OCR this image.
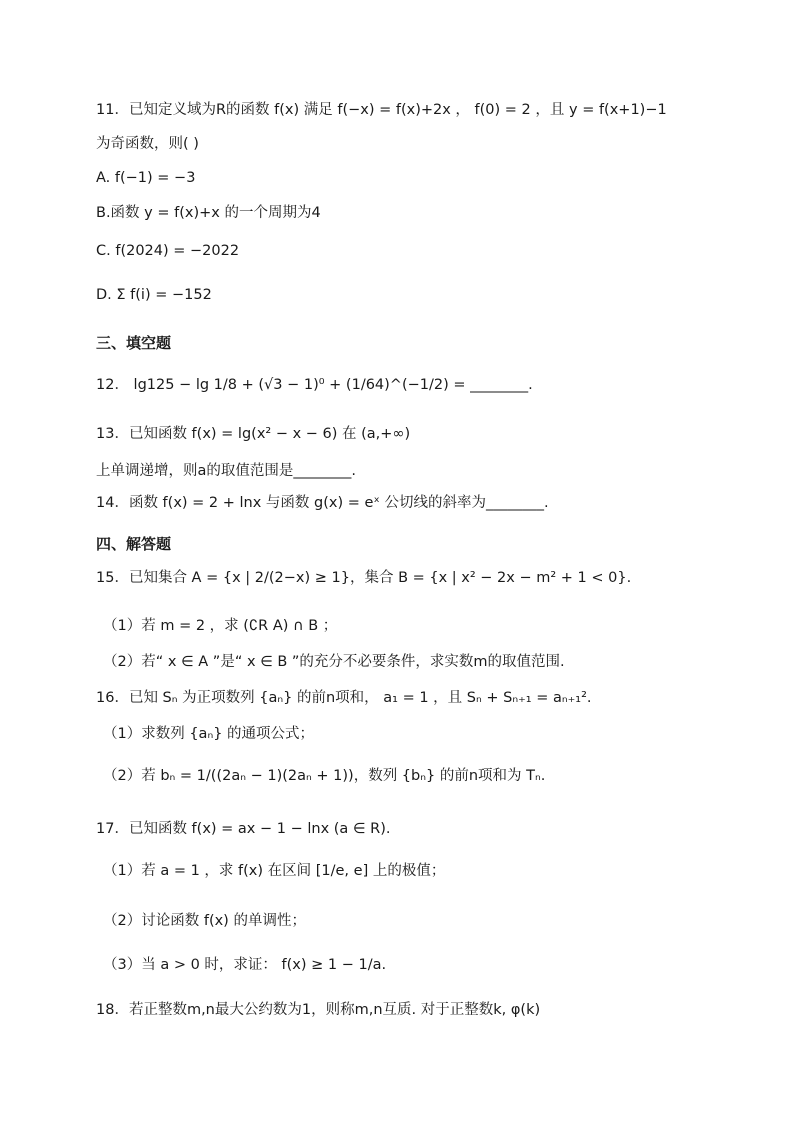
11．已知定义域为R的函数 f(x) 满足 f(−x) = f(x)+2x ， f(0) = 2 ，且 y = f(x+1)−1
为奇函数，则( )
A. f(−1) = −3
B.函数 y = f(x)+x 的一个周期为4
C. f(2024) = −2022
D. Σ f(i) = −152
三、填空题
12． lg125 − lg 1/8 + (√3 − 1)⁰ + (1/64)^(−1/2) = ________.
13．已知函数 f(x) = lg(x² − x − 6) 在 (a,+∞)
上单调递增，则a的取值范围是________.
14．函数 f(x) = 2 + lnx 与函数 g(x) = eˣ 公切线的斜率为________.
四、解答题
15．已知集合 A = {x | 2/(2−x) ≥ 1}，集合 B = {x | x² − 2x − m² + 1 < 0}.
（1）若 m = 2 ，求 (∁R A) ∩ B ；
（2）若“ x ∈ A ”是“ x ∈ B ”的充分不必要条件，求实数m的取值范围.
16．已知 Sₙ 为正项数列 {aₙ} 的前n项和， a₁ = 1 ，且 Sₙ + Sₙ₊₁ = aₙ₊₁².
（1）求数列 {aₙ} 的通项公式；
（2）若 bₙ = 1/((2aₙ − 1)(2aₙ + 1))，数列 {bₙ} 的前n项和为 Tₙ.
17．已知函数 f(x) = ax − 1 − lnx (a ∈ R).
（1）若 a = 1 ，求 f(x) 在区间 [1/e, e] 上的极值；
（2）讨论函数 f(x) 的单调性；
（3）当 a > 0 时，求证： f(x) ≥ 1 − 1/a.
18．若正整数m,n最大公约数为1，则称m,n互质. 对于正整数k, φ(k)
